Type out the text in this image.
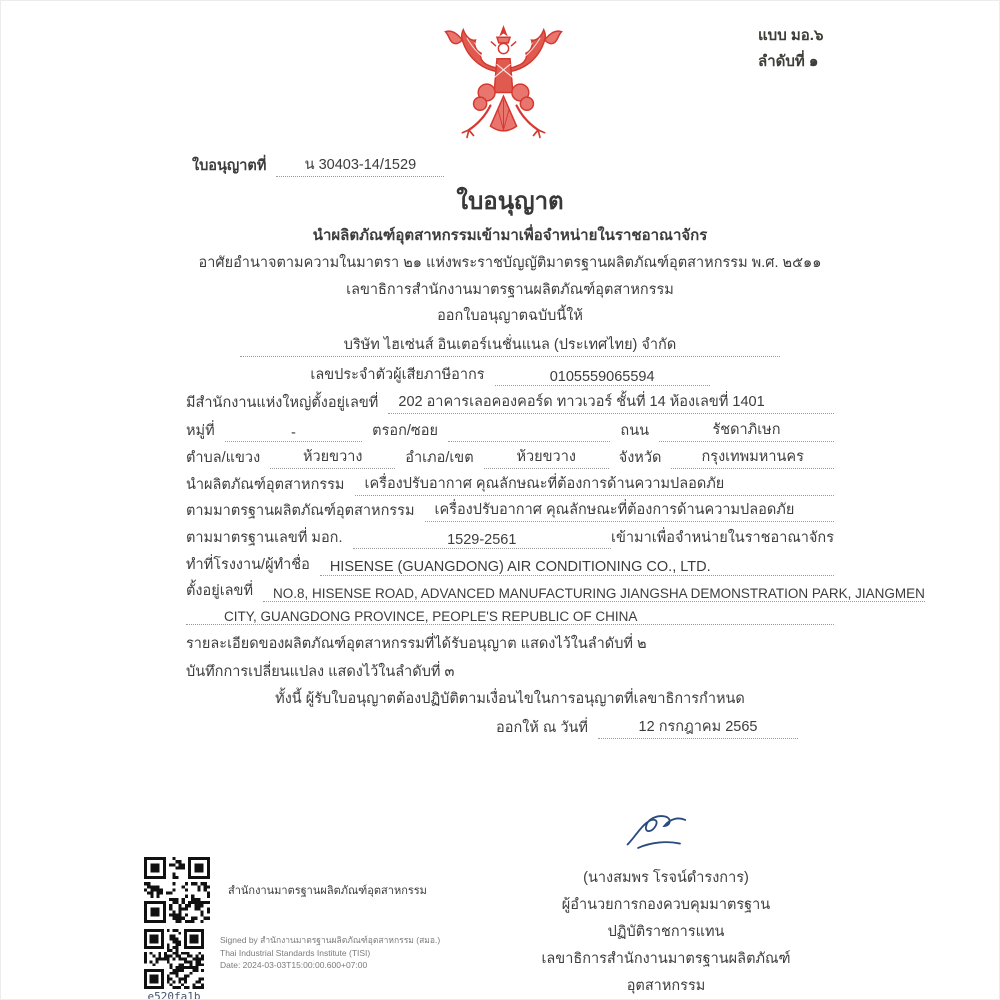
แบบ มอ.๖
ลำดับที่ ๑
ใบอนุญาตที่	น 30403-14/1529
ใบอนุญาต
นำผลิตภัณฑ์อุตสาหกรรมเข้ามาเพื่อจำหน่ายในราชอาณาจักร
อาศัยอำนาจตามความในมาตรา ๒๑ แห่งพระราชบัญญัติมาตรฐานผลิตภัณฑ์อุตสาหกรรม พ.ศ. ๒๕๑๑
เลขาธิการสำนักงานมาตรฐานผลิตภัณฑ์อุตสาหกรรม
ออกใบอนุญาตฉบับนี้ให้
บริษัท ไฮเซ่นส์ อินเตอร์เนชั่นแนล (ประเทศไทย) จำกัด
เลขประจำตัวผู้เสียภาษีอากร	0105559065594
มีสำนักงานแห่งใหญ่ตั้งอยู่เลขที่	202 อาคารเลอคองคอร์ด ทาวเวอร์ ชั้นที่ 14 ห้องเลขที่ 1401
หมู่ที่	-	ตรอก/ซอย	ถนน	รัชดาภิเษก
ตำบล/แขวง	ห้วยขวาง	อำเภอ/เขต	ห้วยขวาง	จังหวัด	กรุงเทพมหานคร
นำผลิตภัณฑ์อุตสาหกรรม	เครื่องปรับอากาศ คุณลักษณะที่ต้องการด้านความปลอดภัย
ตามมาตรฐานผลิตภัณฑ์อุตสาหกรรม	เครื่องปรับอากาศ คุณลักษณะที่ต้องการด้านความปลอดภัย
ตามมาตรฐานเลขที่ มอก.	1529-2561	เข้ามาเพื่อจำหน่ายในราชอาณาจักร
ทำที่โรงงาน/ผู้ทำชื่อ	HISENSE (GUANGDONG) AIR CONDITIONING CO., LTD.
ตั้งอยู่เลขที่	NO.8, HISENSE ROAD, ADVANCED MANUFACTURING JIANGSHA DEMONSTRATION PARK, JIANGMEN
CITY, GUANGDONG PROVINCE, PEOPLE'S REPUBLIC OF CHINA
รายละเอียดของผลิตภัณฑ์อุตสาหกรรมที่ได้รับอนุญาต แสดงไว้ในลำดับที่ ๒
บันทึกการเปลี่ยนแปลง แสดงไว้ในลำดับที่ ๓
ทั้งนี้ ผู้รับใบอนุญาตต้องปฏิบัติตามเงื่อนไขในการอนุญาตที่เลขาธิการกำหนด
ออกให้ ณ วันที่	12 กรกฎาคม 2565
(นางสมพร โรจน์ดำรงการ)
ผู้อำนวยการกองควบคุมมาตรฐาน
ปฏิบัติราชการแทน
เลขาธิการสำนักงานมาตรฐานผลิตภัณฑ์อุตสาหกรรม
สำนักงานมาตรฐานผลิตภัณฑ์อุตสาหกรรม
e520fa1b
Signed by สำนักงานมาตรฐานผลิตภัณฑ์อุตสาหกรรม (สมอ.)
Thai Industrial Standards Institute (TISI)
Date: 2024-03-03T15:00:00.600+07:00
